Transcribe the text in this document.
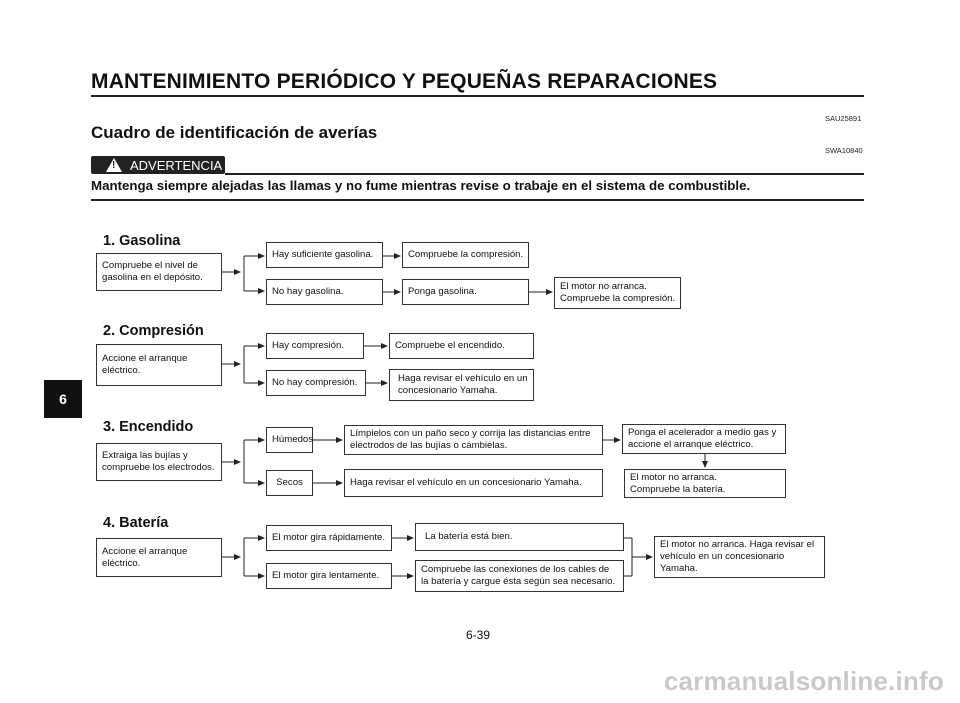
MANTENIMIENTO PERIÓDICO Y PEQUEÑAS REPARACIONES
SAU25891
Cuadro de identificación de averías
SWA10840
! ADVERTENCIA
Mantenga siempre alejadas las llamas y no fume mientras revise o trabaje en el sistema de combustible.
6
1. Gasolina
Compruebe el nivel de
gasolina en el depósito.
Hay suficiente gasolina.	Compruebe la compresión.
No hay gasolina.	Ponga gasolina.	El motor no arranca.
Compruebe la compresión.
2. Compresión
Accione el arranque
eléctrico.
Hay compresión.	Compruebe el encendido.
No hay compresión.	Haga revisar el vehículo en un
concesionario Yamaha.
3. Encendido
Extraiga las bujías y
compruebe los electrodos.
Húmedos
Límpielos con un paño seco y corrija las distancias entre
electrodos de las bujías o cámbielas.
Ponga el acelerador a medio gas y
accione el arranque eléctrico.
El motor no arranca.
Compruebe la batería.
Secos	Haga revisar el vehículo en un concesionario Yamaha.
4. Batería
Accione el arranque
eléctrico.
El motor gira rápidamente.	La batería está bien.
El motor gira lentamente.
Compruebe las conexiones de los cables de
la batería y cargue ésta según sea necesario.
El motor no arranca. Haga revisar el
vehículo en un concesionario
Yamaha.
6-39
carmanualsonline.info
